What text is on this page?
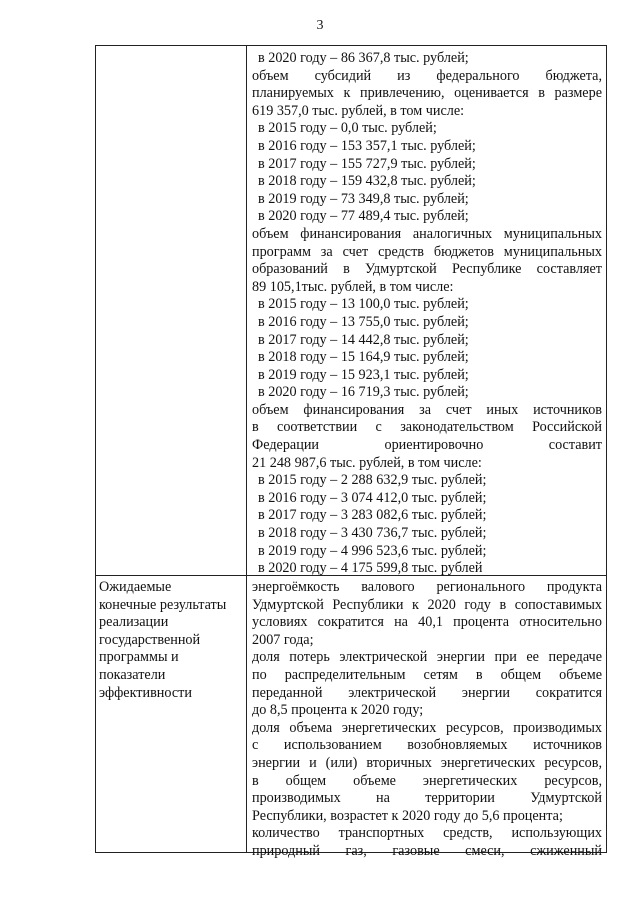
3
в 2020 году – 86 367,8 тыс. рублей;
объем субсидий из федерального бюджета,
планируемых к привлечению, оценивается в размере
619 357,0 тыс. рублей, в том числе:
в 2015 году – 0,0 тыс. рублей;
в 2016 году – 153 357,1 тыс. рублей;
в 2017 году – 155 727,9 тыс. рублей;
в 2018 году – 159 432,8 тыс. рублей;
в 2019 году – 73 349,8 тыс. рублей;
в 2020 году – 77 489,4 тыс. рублей;
объем финансирования аналогичных муниципальных
программ за счет средств бюджетов муниципальных
образований в Удмуртской Республике составляет
89 105,1тыс. рублей, в том числе:
в 2015 году – 13 100,0 тыс. рублей;
в 2016 году – 13 755,0 тыс. рублей;
в 2017 году – 14 442,8 тыс. рублей;
в 2018 году – 15 164,9 тыс. рублей;
в 2019 году – 15 923,1 тыс. рублей;
в 2020 году – 16 719,3 тыс. рублей;
объем финансирования за счет иных источников
в соответствии с законодательством Российской
Федерации ориентировочно составит
21 248 987,6 тыс. рублей, в том числе:
в 2015 году – 2 288 632,9 тыс. рублей;
в 2016 году – 3 074 412,0 тыс. рублей;
в 2017 году – 3 283 082,6 тыс. рублей;
в 2018 году – 3 430 736,7 тыс. рублей;
в 2019 году – 4 996 523,6 тыс. рублей;
в 2020 году – 4 175 599,8 тыс. рублей
Ожидаемые
конечные результаты
реализации
государственной
программы и
показатели
эффективности
энергоёмкость валового регионального продукта
Удмуртской Республики к 2020 году в сопоставимых
условиях сократится на 40,1 процента относительно
2007 года;
доля потерь электрической энергии при ее передаче
по распределительным сетям в общем объеме
переданной электрической энергии сократится
до 8,5 процента к 2020 году;
доля объема энергетических ресурсов, производимых
с использованием возобновляемых источников
энергии и (или) вторичных энергетических ресурсов,
в общем объеме энергетических ресурсов,
производимых на территории Удмуртской
Республики, возрастет к 2020 году до 5,6 процента;
количество транспортных средств, использующих
природный газ, газовые смеси, сжиженный
